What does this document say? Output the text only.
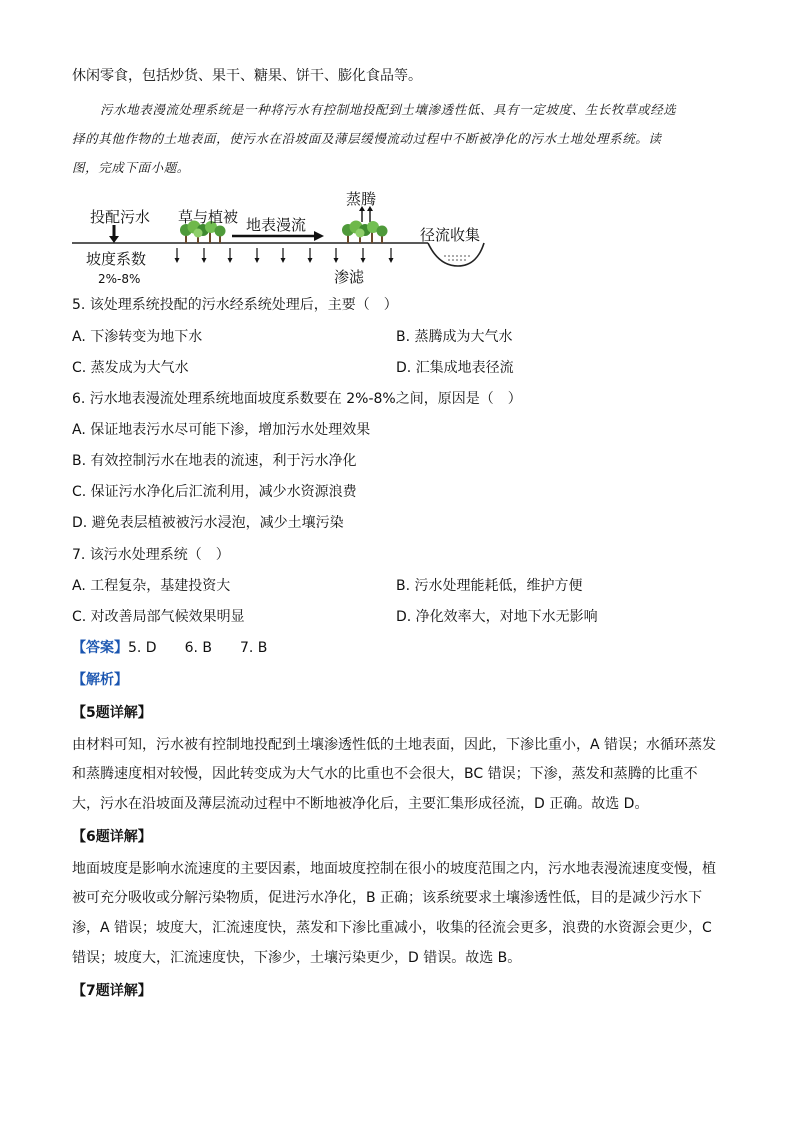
休闲零食，包括炒货、果干、糖果、饼干、膨化食品等。
污水地表漫流处理系统是一种将污水有控制地投配到土壤渗透性低、具有一定坡度、生长牧草或经选
择的其他作物的土地表面，使污水在沿坡面及薄层缓慢流动过程中不断被净化的污水土地处理系统。读
图，完成下面小题。
投配污水 草与植被 地表漫流
蒸腾
径流收集
坡度系数
2%-8%	渗滤
5. 该处理系统投配的污水经系统处理后，主要（　）
A. 下渗转变为地下水	B. 蒸腾成为大气水
C. 蒸发成为大气水	D. 汇集成地表径流
6. 污水地表漫流处理系统地面坡度系数要在 2%-8%之间，原因是（　）
A. 保证地表污水尽可能下渗，增加污水处理效果
B. 有效控制污水在地表的流速，利于污水净化
C. 保证污水净化后汇流利用，减少水资源浪费
D. 避免表层植被被污水浸泡，减少土壤污染
7. 该污水处理系统（　）
A. 工程复杂，基建投资大	B. 污水处理能耗低，维护方便
C. 对改善局部气候效果明显	D. 净化效率大，对地下水无影响
【答案】5. D　　6. B　　7. B
【解析】
【5题详解】
由材料可知，污水被有控制地投配到土壤渗透性低的土地表面，因此，下渗比重小，A 错误；水循环蒸发
和蒸腾速度相对较慢，因此转变成为大气水的比重也不会很大，BC 错误；下渗，蒸发和蒸腾的比重不
大，污水在沿坡面及薄层流动过程中不断地被净化后，主要汇集形成径流，D 正确。故选 D。
【6题详解】
地面坡度是影响水流速度的主要因素，地面坡度控制在很小的坡度范围之内，污水地表漫流速度变慢，植
被可充分吸收或分解污染物质，促进污水净化，B 正确；该系统要求土壤渗透性低，目的是减少污水下
渗，A 错误；坡度大，汇流速度快，蒸发和下渗比重减小，收集的径流会更多，浪费的水资源会更少，C
错误；坡度大，汇流速度快，下渗少，土壤污染更少，D 错误。故选 B。
【7题详解】
